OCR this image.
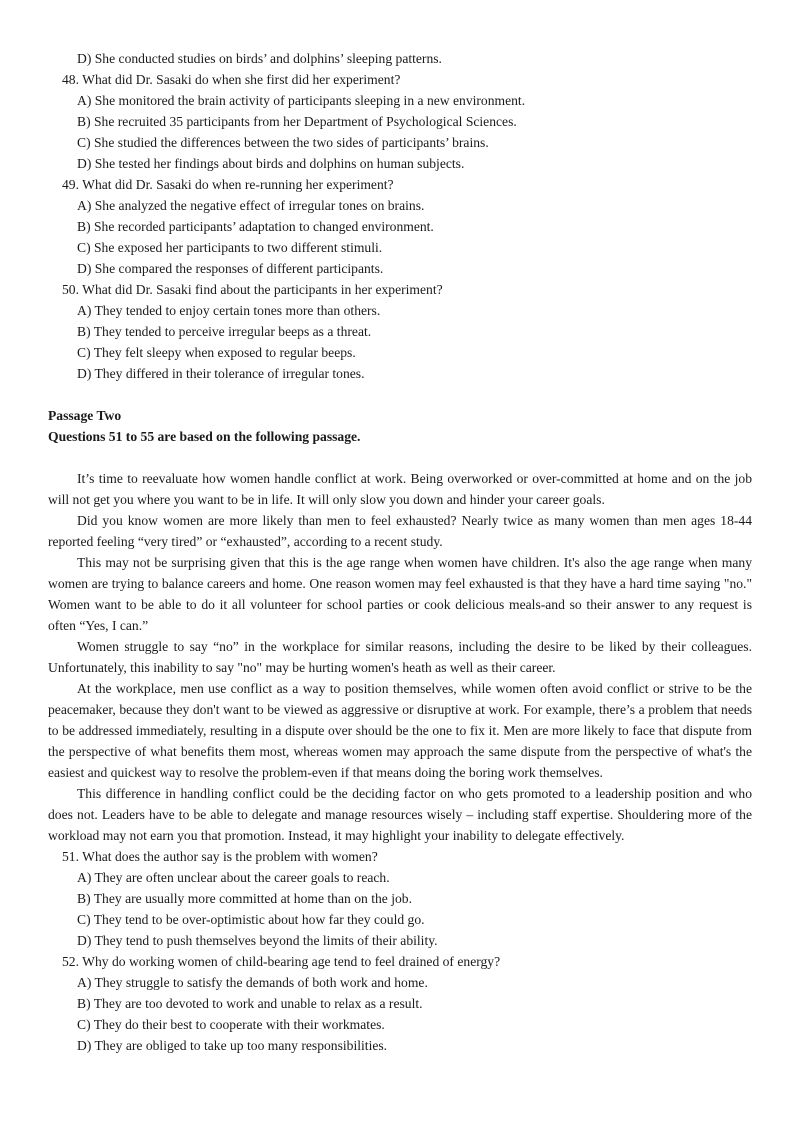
D) She conducted studies on birds’ and dolphins’ sleeping patterns.
48. What did Dr. Sasaki do when she first did her experiment?
A) She monitored the brain activity of participants sleeping in a new environment.
B) She recruited 35 participants from her Department of Psychological Sciences.
C) She studied the differences between the two sides of participants’ brains.
D) She tested her findings about birds and dolphins on human subjects.
49. What did Dr. Sasaki do when re-running her experiment?
A) She analyzed the negative effect of irregular tones on brains.
B) She recorded participants’ adaptation to changed environment.
C) She exposed her participants to two different stimuli.
D) She compared the responses of different participants.
50. What did Dr. Sasaki find about the participants in her experiment?
A) They tended to enjoy certain tones more than others.
B) They tended to perceive irregular beeps as a threat.
C) They felt sleepy when exposed to regular beeps.
D) They differed in their tolerance of irregular tones.
Passage Two
Questions 51 to 55 are based on the following passage.

It’s time to reevaluate how women handle conflict at work. Being overworked or over-committed at home and on the job will not get you where you want to be in life. It will only slow you down and hinder your career goals.

Did you know women are more likely than men to feel exhausted? Nearly twice as many women than men ages 18-44 reported feeling “very tired” or “exhausted”, according to a recent study.

This may not be surprising given that this is the age range when women have children. It's also the age range when many women are trying to balance careers and home. One reason women may feel exhausted is that they have a hard time saying "no." Women want to be able to do it all volunteer for school parties or cook delicious meals-and so their answer to any request is often “Yes, I can.”

Women struggle to say “no” in the workplace for similar reasons, including the desire to be liked by their colleagues. Unfortunately, this inability to say "no" may be hurting women's heath as well as their career.

At the workplace, men use conflict as a way to position themselves, while women often avoid conflict or strive to be the peacemaker, because they don't want to be viewed as aggressive or disruptive at work. For example, there’s a problem that needs to be addressed immediately, resulting in a dispute over should be the one to fix it. Men are more likely to face that dispute from the perspective of what benefits them most, whereas women may approach the same dispute from the perspective of what's the easiest and quickest way to resolve the problem-even if that means doing the boring work themselves.

This difference in handling conflict could be the deciding factor on who gets promoted to a leadership position and who does not. Leaders have to be able to delegate and manage resources wisely – including staff expertise. Shouldering more of the workload may not earn you that promotion. Instead, it may highlight your inability to delegate effectively.

51. What does the author say is the problem with women?
A) They are often unclear about the career goals to reach.
B) They are usually more committed at home than on the job.
C) They tend to be over-optimistic about how far they could go.
D) They tend to push themselves beyond the limits of their ability.
52. Why do working women of child-bearing age tend to feel drained of energy?
A) They struggle to satisfy the demands of both work and home.
B) They are too devoted to work and unable to relax as a result.
C) They do their best to cooperate with their workmates.
D) They are obliged to take up too many responsibilities.
